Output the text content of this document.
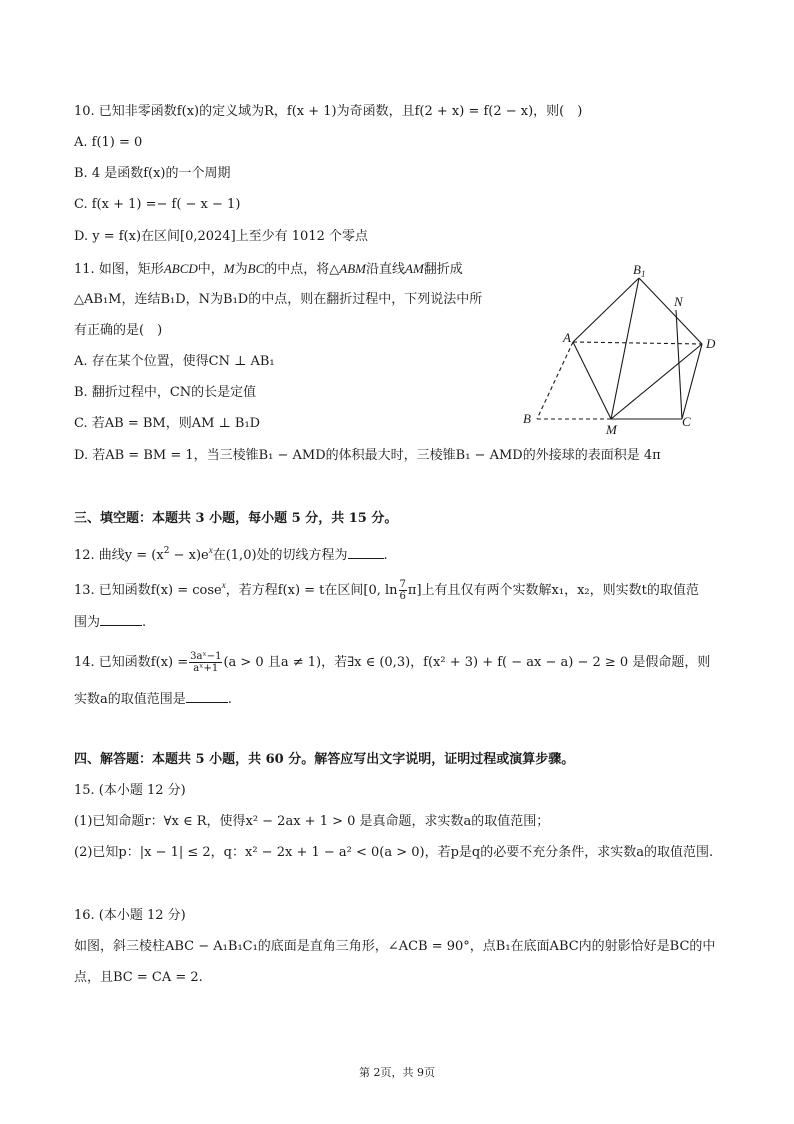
10. 已知非零函数f(x)的定义域为R，f(x + 1)为奇函数，且f(2 + x) = f(2 − x)，则(　)
A. f(1) = 0
B. 4 是函数f(x)的一个周期
C. f(x + 1) =− f( − x − 1)
D. y = f(x)在区间[0,2024]上至少有 1012 个零点
11. 如图，矩形ABCD中，M为BC的中点，将△ABM沿直线AM翻折成
△AB₁M，连结B₁D，N为B₁D的中点，则在翻折过程中，下列说法中所
有正确的是(　)
A. 存在某个位置，使得CN ⊥ AB₁
B. 翻折过程中，CN的长是定值
C. 若AB = BM，则AM ⊥ B₁D
D. 若AB = BM = 1，当三棱锥B₁ − AMD的体积最大时，三棱锥B₁ − AMD的外接球的表面积是 4π
$B_1$
N
A	D
B
M
C
三、填空题：本题共 3 小题，每小题 5 分，共 15 分。
12. 曲线$y = (x^2 - x)e^x$在(1,0)处的切线方程为	.
13. 已知函数f(x) = cose$^x$，若方程f(x) = t在区间[0, $\ln \frac{7}{6} \pi$]上有且仅有两个实数解x₁，x₂，则实数t的取值范
围为	.
14. 已知函数$f(x) = \frac{\text{3aˣ−1}}{\text{aˣ+1}} (a > 0$ 且a ≠ 1)，若∃x ∈ (0,3)，f(x² + 3) + f( − ax − a) − 2 ≥ 0 是假命题，则
实数a的取值范围是	.
四、解答题：本题共 5 小题，共 60 分。解答应写出文字说明，证明过程或演算步骤。
15. (本小题 12 分)
(1)已知命题r：∀x ∈ R，使得x² − 2ax + 1 > 0 是真命题，求实数a的取值范围；
(2)已知p：|x − 1| ≤ 2，q：x² − 2x + 1 − a² < 0(a > 0)，若p是q的必要不充分条件，求实数a的取值范围.
16. (本小题 12 分)
如图，斜三棱柱ABC − A₁B₁C₁的底面是直角三角形，∠ACB = 90°，点B₁在底面ABC内的射影恰好是BC的中
点，且BC = CA = 2.
第 2页，共 9页
